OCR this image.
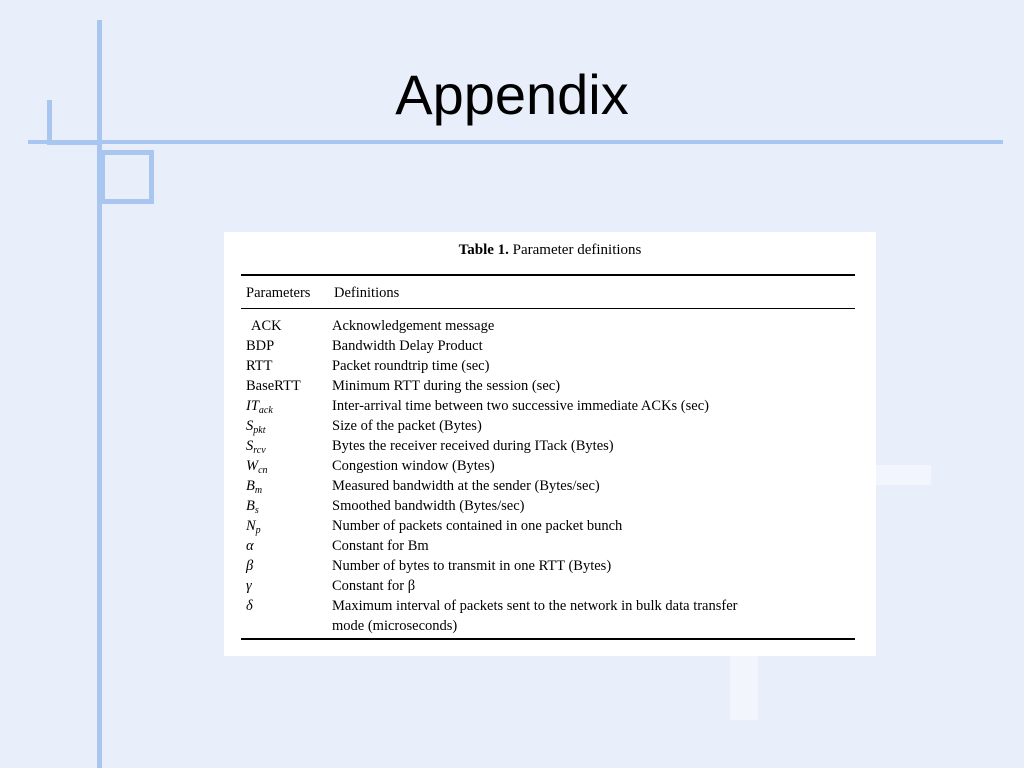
Appendix
Table 1. Parameter definitions
Parameters Definitions
ACK	Acknowledgement message
BDP	Bandwidth Delay Product
RTT	Packet roundtrip time (sec)
BaseRTT	Minimum RTT during the session (sec)
$IT_{ack}$	Inter-arrival time between two successive immediate ACKs (sec)
$S_{pkt}$	Size of the packet (Bytes)
$S_{rcv}$	Bytes the receiver received during ITack (Bytes)
$W_{cn}$	Congestion window (Bytes)
$B_m$	Measured bandwidth at the sender (Bytes/sec)
$B_s$	Smoothed bandwidth (Bytes/sec)
$N_p$	Number of packets contained in one packet bunch
α	Constant for Bm
β	Number of bytes to transmit in one RTT (Bytes)
γ	Constant for β
δ	Maximum interval of packets sent to the network in bulk data transfer
mode (microseconds)
